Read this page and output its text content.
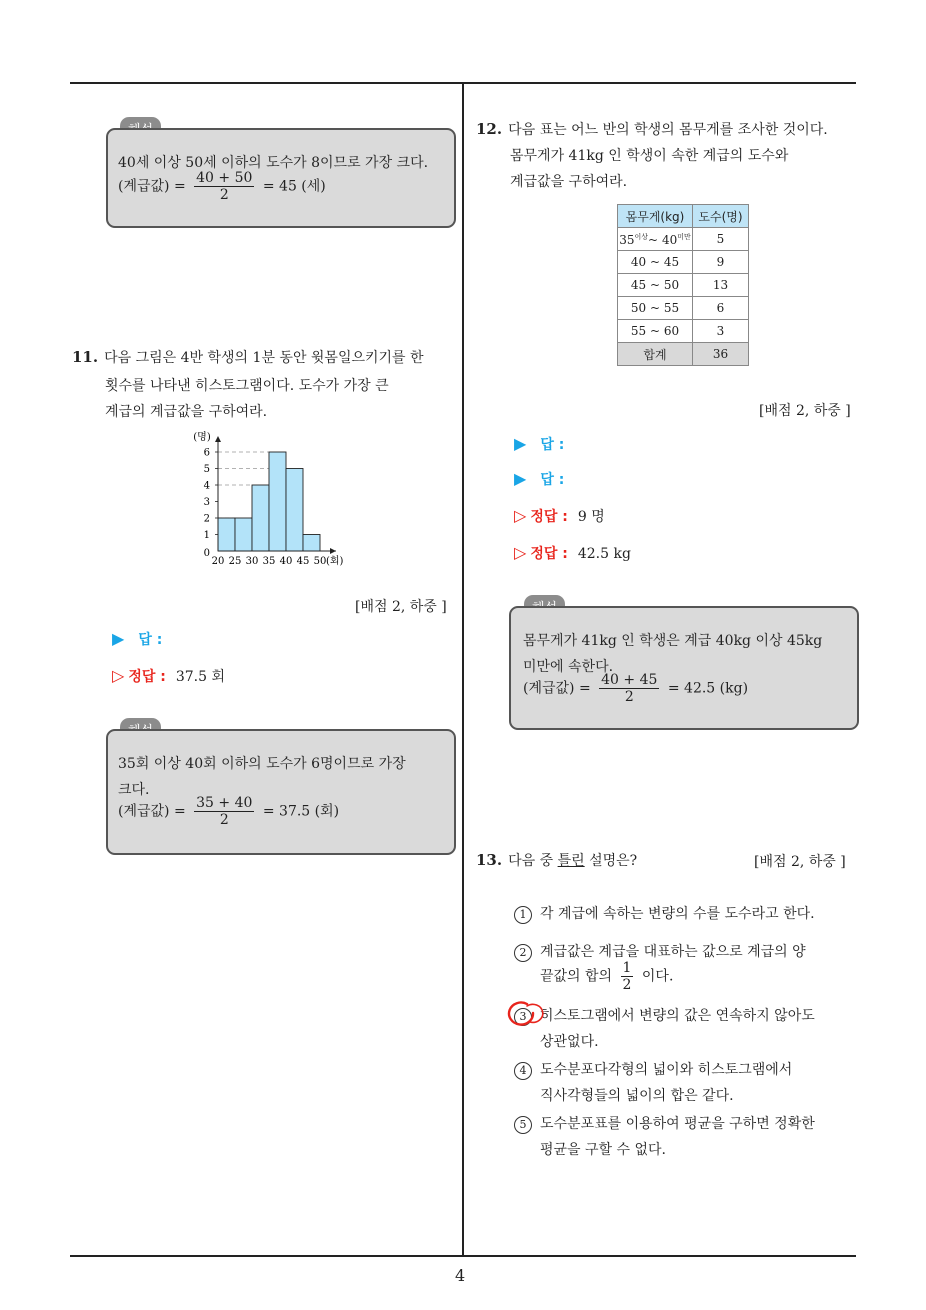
4
40세 이상 50세 이하의 도수가 8이므로 가장 크다.
(계급값) = $\frac{40 + 50}{2} = 45$ (세)
11. 다음 그림은 4반 학생의 1분 동안 윗몸일으키기를 한
횟수를 나타낸 히스토그램이다. 도수가 가장 큰
계급의 계급값을 구하여라.
0
1
2
3
4
5
6
20 25 30 35 40 45 50 (회)
(명)
[배점 2, 하중 ]
▶ 답 :
▷ 정답 : 37.5 회
35회 이상 40회 이하의 도수가 6명이므로 가장
크다.
(계급값) = $\frac{35 + 40}{2} = 37.5$ (회)
12. 다음 표는 어느 반의 학생의 몸무게를 조사한 것이다.
몸무게가 41kg 인 학생이 속한 계급의 도수와
계급값을 구하여라.
몸무게(kg)	도수(명)
$35^{이상}\sim$ $40^{미만}$	5
40 ~ 45	9
45 ~ 50	13
50 ~ 55	6
55 ~ 60	3
합계	36
[배점 2, 하중 ]
▶ 답 :
▶ 답 :
▷ 정답 : 9 명
▷ 정답 : 42.5 kg
몸무게가 41kg 인 학생은 계급 40kg 이상 45kg
미만에 속한다.
(계급값) = $\frac{40 + 45}{2} = 42.5$ (kg)
13. 다음 중 틀린 설명은?	[배점 2, 하중 ]
1 각 계급에 속하는 변량의 수를 도수라고 한다.
2 계급값은 계급을 대표하는 값으로 계급의 양
끝값의 합의 $\frac{1}{2}$ 이다.
3 히스토그램에서 변량의 값은 연속하지 않아도
상관없다.
4 도수분포다각형의 넓이와 히스토그램에서
직사각형들의 넓이의 합은 같다.
5 도수분포표를 이용하여 평균을 구하면 정확한
평균을 구할 수 없다.
